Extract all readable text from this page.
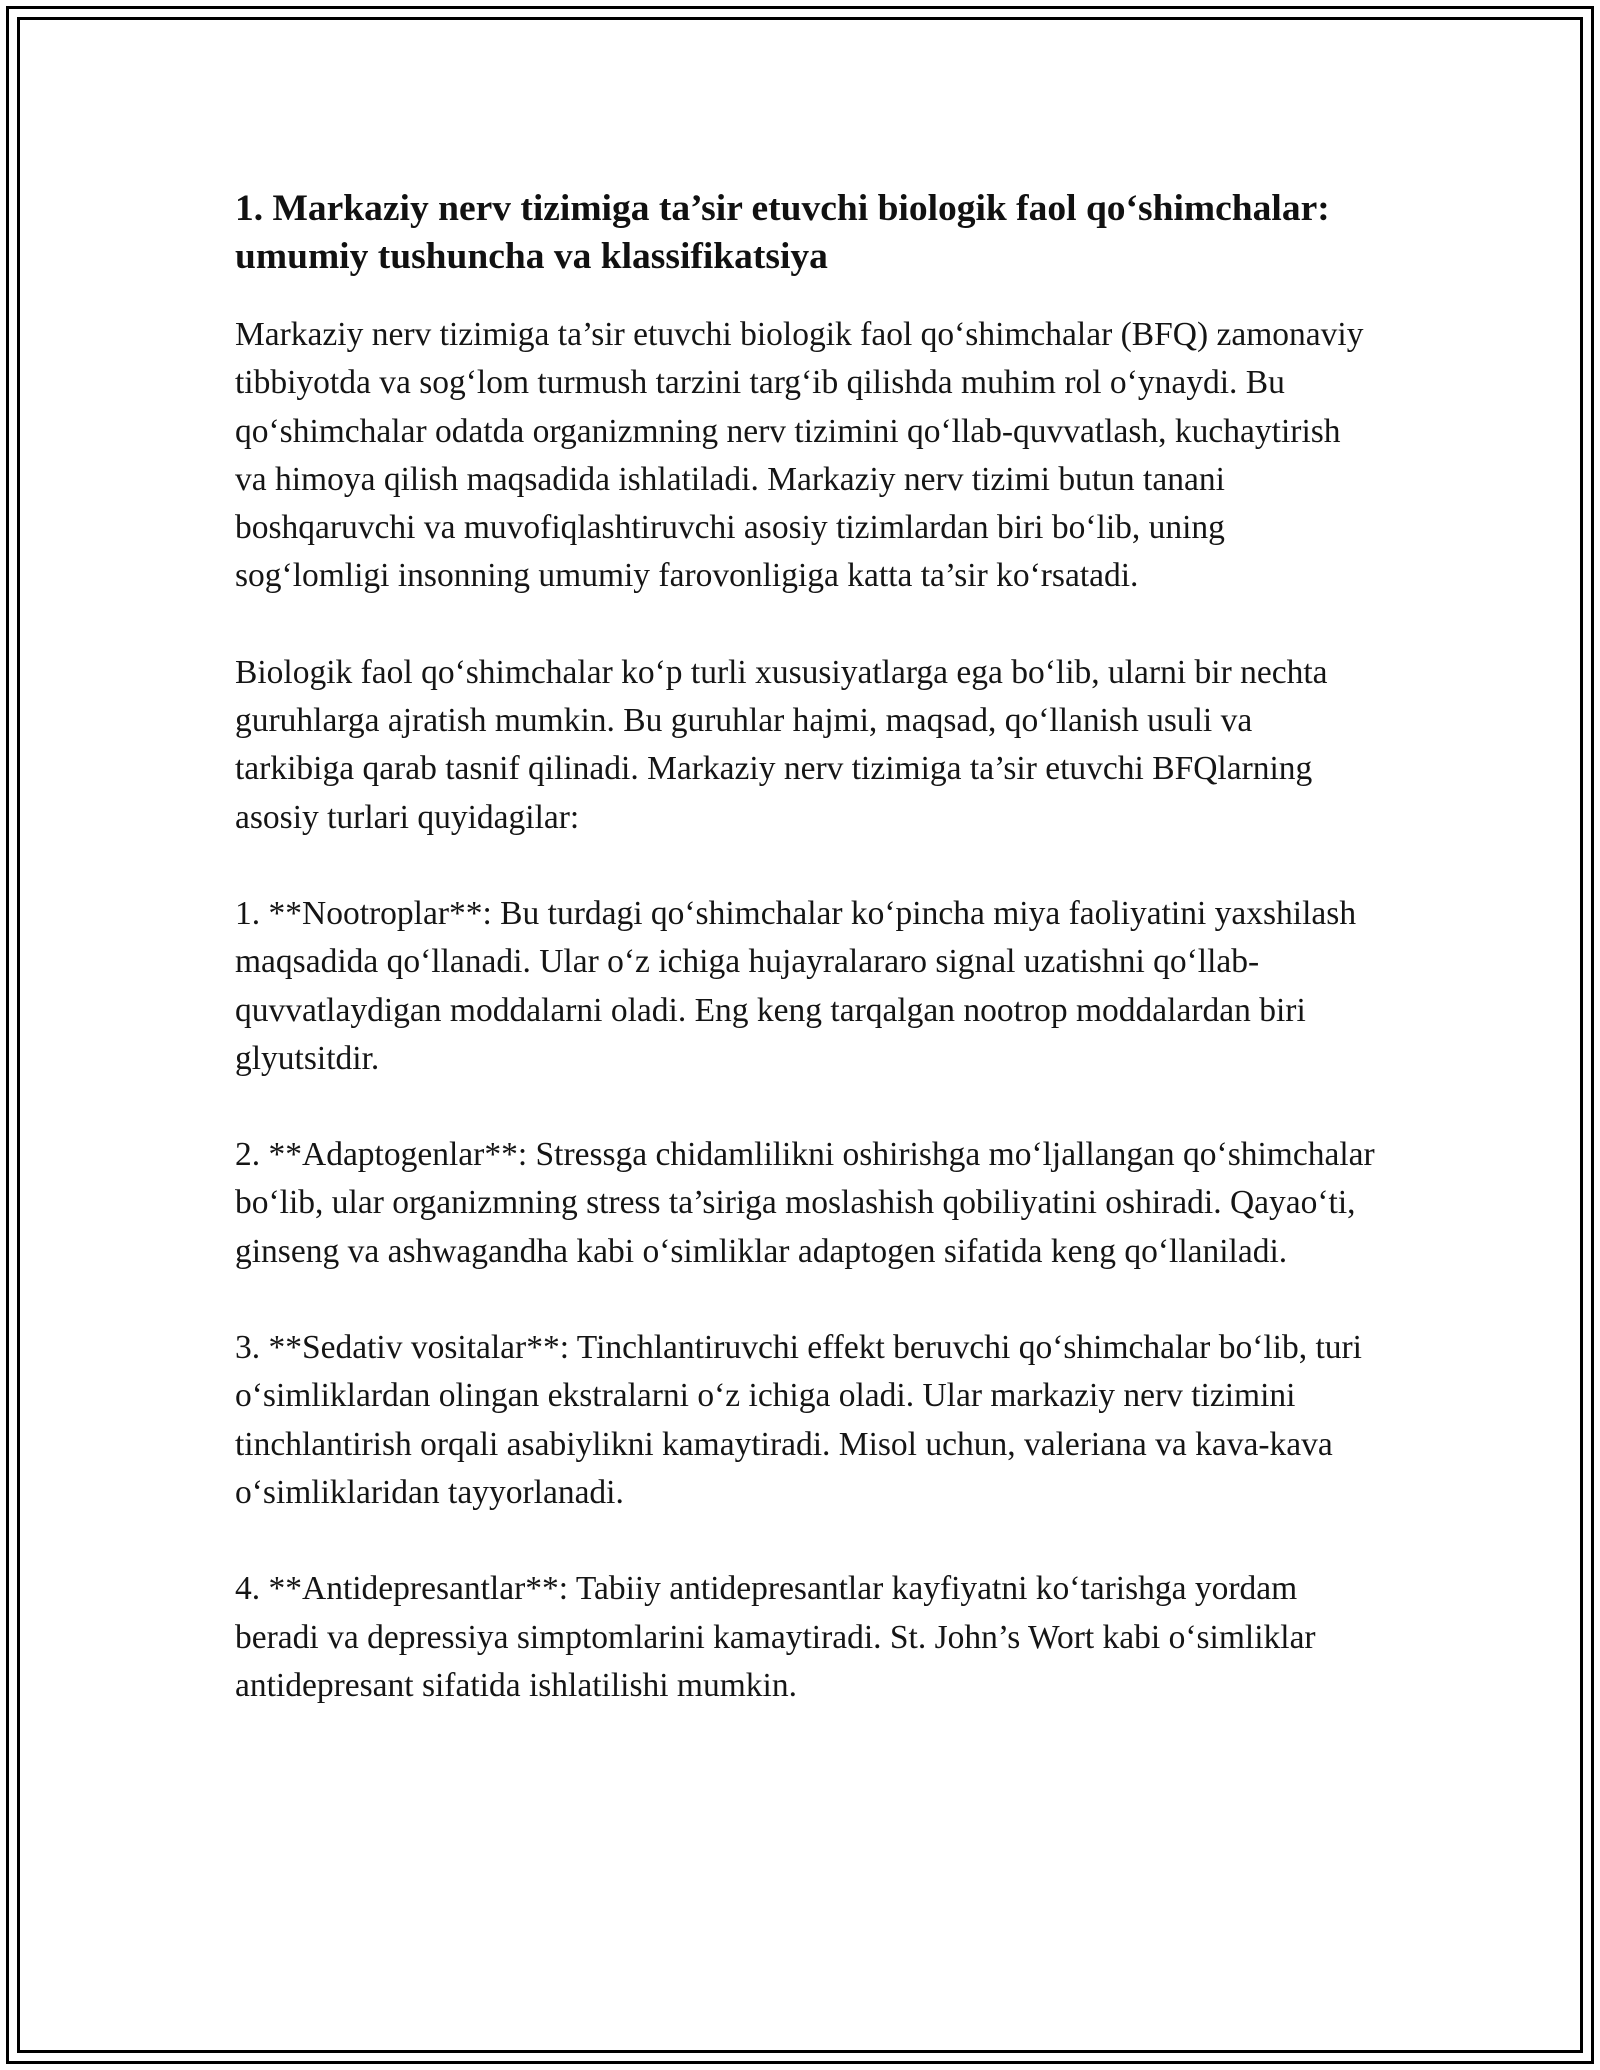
1. Markaziy nerv tizimiga ta’sir etuvchi biologik faol qo‘shimchalar: umumiy tushuncha va klassifikatsiya

Markaziy nerv tizimiga ta’sir etuvchi biologik faol qo‘shimchalar (BFQ) zamonaviy tibbiyotda va sog‘lom turmush tarzini targ‘ib qilishda muhim rol o‘ynaydi. Bu qo‘shimchalar odatda organizmning nerv tizimini qo‘llab-quvvatlash, kuchaytirish va himoya qilish maqsadida ishlatiladi. Markaziy nerv tizimi butun tanani boshqaruvchi va muvofiqlashtiruvchi asosiy tizimlardan biri bo‘lib, uning sog‘lomligi insonning umumiy farovonligiga katta ta’sir ko‘rsatadi.

Biologik faol qo‘shimchalar ko‘p turli xususiyatlarga ega bo‘lib, ularni bir nechta guruhlarga ajratish mumkin. Bu guruhlar hajmi, maqsad, qo‘llanish usuli va tarkibiga qarab tasnif qilinadi. Markaziy nerv tizimiga ta’sir etuvchi BFQlarning asosiy turlari quyidagilar:

1. **Nootroplar**: Bu turdagi qo‘shimchalar ko‘pincha miya faoliyatini yaxshilash maqsadida qo‘llanadi. Ular o‘z ichiga hujayralararo signal uzatishni qo‘llab-quvvatlaydigan moddalarni oladi. Eng keng tarqalgan nootrop moddalardan biri glyutsitdir.

2. **Adaptogenlar**: Stressga chidamlilikni oshirishga mo‘ljallangan qo‘shimchalar bo‘lib, ular organizmning stress ta’siriga moslashish qobiliyatini oshiradi. Qayao‘ti, ginseng va ashwagandha kabi o‘simliklar adaptogen sifatida keng qo‘llaniladi.

3. **Sedativ vositalar**: Tinchlantiruvchi effekt beruvchi qo‘shimchalar bo‘lib, turi o‘simliklardan olingan ekstralarni o‘z ichiga oladi. Ular markaziy nerv tizimini tinchlantirish orqali asabiylikni kamaytiradi. Misol uchun, valeriana va kava-kava o‘simliklaridan tayyorlanadi.

4. **Antidepresantlar**: Tabiiy antidepresantlar kayfiyatni ko‘tarishga yordam beradi va depressiya simptomlarini kamaytiradi. St. John’s Wort kabi o‘simliklar antidepresant sifatida ishlatilishi mumkin.
